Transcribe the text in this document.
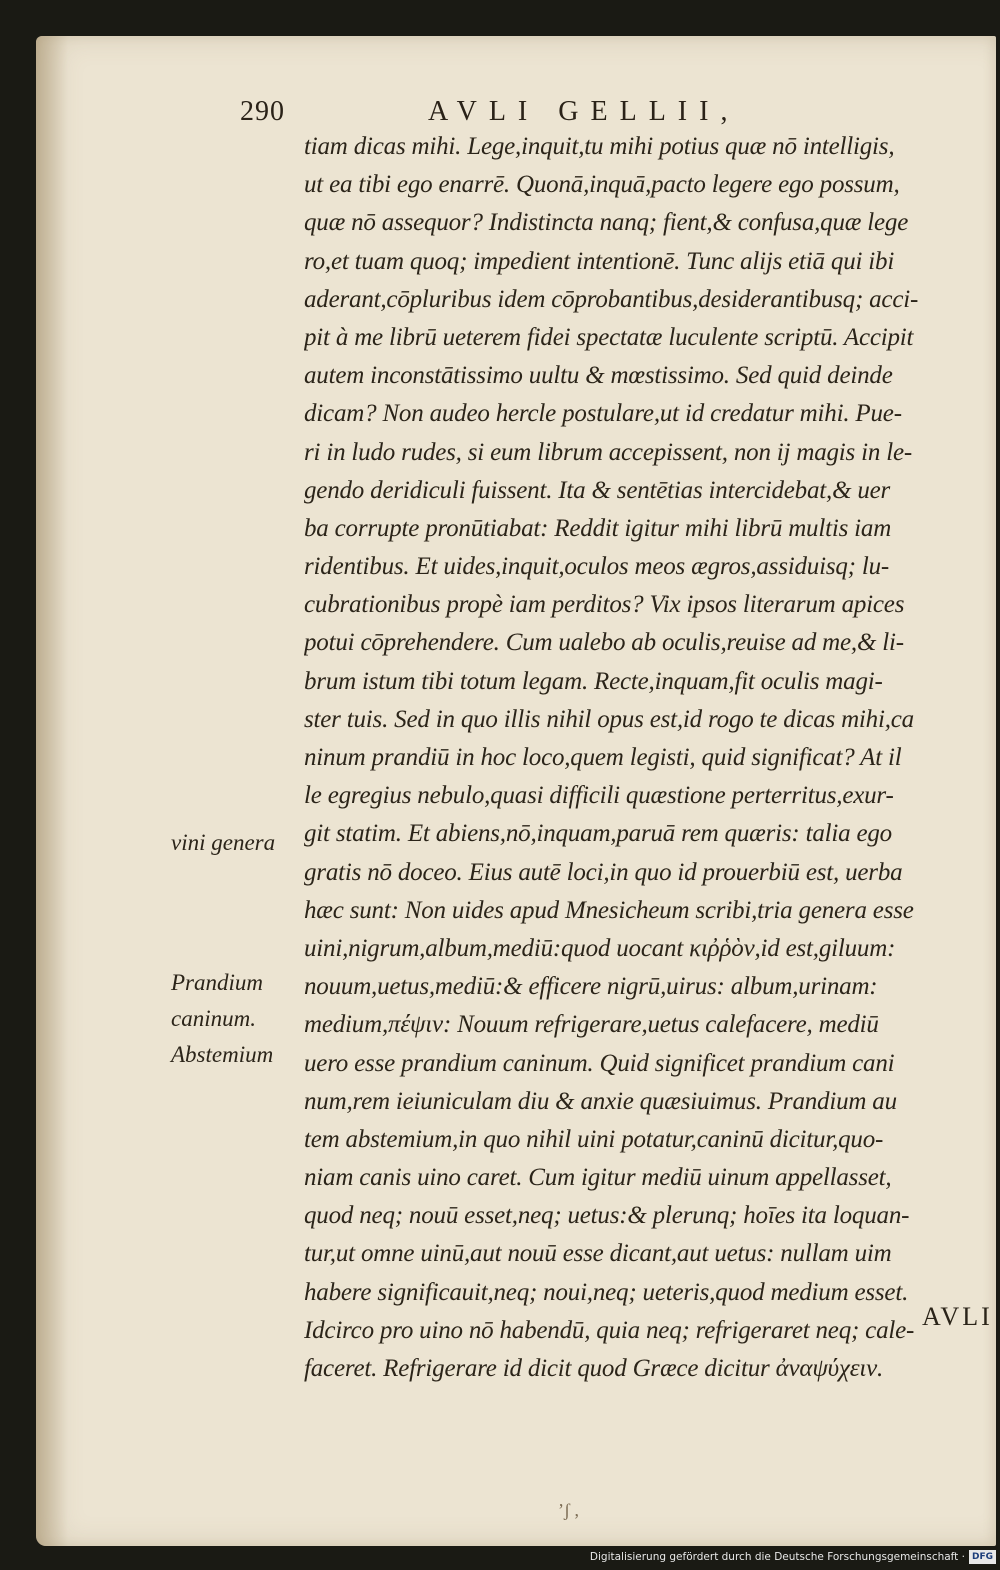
290	AVLI GELLII,
tiam dicas mihi. Lege,inquit,tu mihi potius quæ nō intelligis,
ut ea tibi ego enarrē. Quonā,inquā,pacto legere ego possum,
quæ nō assequor? Indistincta nanq; fient,& confusa,quæ lege
ro,et tuam quoq; impedient intentionē. Tunc alijs etiā qui ibi
aderant,cōpluribus idem cōprobantibus,desiderantibusq; acci-
pit à me librū ueterem fidei spectatæ luculente scriptū. Accipit
autem inconstātissimo uultu & mœstissimo. Sed quid deinde
dicam? Non audeo hercle postulare,ut id credatur mihi. Pue-
ri in ludo rudes, si eum librum accepissent, non ij magis in le-
gendo deridiculi fuissent. Ita & sentētias intercidebat,& uer
ba corrupte pronūtiabat: Reddit igitur mihi librū multis iam
ridentibus. Et uides,inquit,oculos meos ægros,assiduisq; lu-
cubrationibus propè iam perditos? Vix ipsos literarum apices
potui cōprehendere. Cum ualebo ab oculis,reuise ad me,& li-
brum istum tibi totum legam. Recte,inquam,fit oculis magi-
ster tuis. Sed in quo illis nihil opus est,id rogo te dicas mihi,ca
ninum prandiū in hoc loco,quem legisti, quid significat? At il
le egregius nebulo,quasi difficili quæstione perterritus,exur-
git statim. Et abiens,nō,inquam,paruā rem quæris: talia ego
gratis nō doceo. Eius autē loci,in quo id prouerbiū est, uerba
hæc sunt: Non uides apud Mnesicheum scribi,tria genera esse
uini,nigrum,album,mediū:quod uocant κιῤῥὸν,id est,giluum:
nouum,uetus,mediū:& efficere nigrū,uirus: album,urinam:
medium,πέψιν: Nouum refrigerare,uetus calefacere, mediū
uero esse prandium caninum. Quid significet prandium cani
num,rem ieiuniculam diu & anxie quæsiuimus. Prandium au
tem abstemium,in quo nihil uini potatur,caninū dicitur,quo-
niam canis uino caret. Cum igitur mediū uinum appellasset,
quod neq; nouū esset,neq; uetus:& plerunq; hoīes ita loquan-
tur,ut omne uinū,aut nouū esse dicant,aut uetus: nullam uim
habere significauit,neq; noui,neq; ueteris,quod medium esset.
Idcirco pro uino nō habendū, quia neq; refrigeraret neq; cale-
faceret. Refrigerare id dicit quod Græce dicitur ἀναψύχειν.
vini genera
Prandium
caninum.
Abstemium
AVLI
ʼʃ ,
Digitalisierung gefördert durch die Deutsche Forschungsgemeinschaft · DFG
